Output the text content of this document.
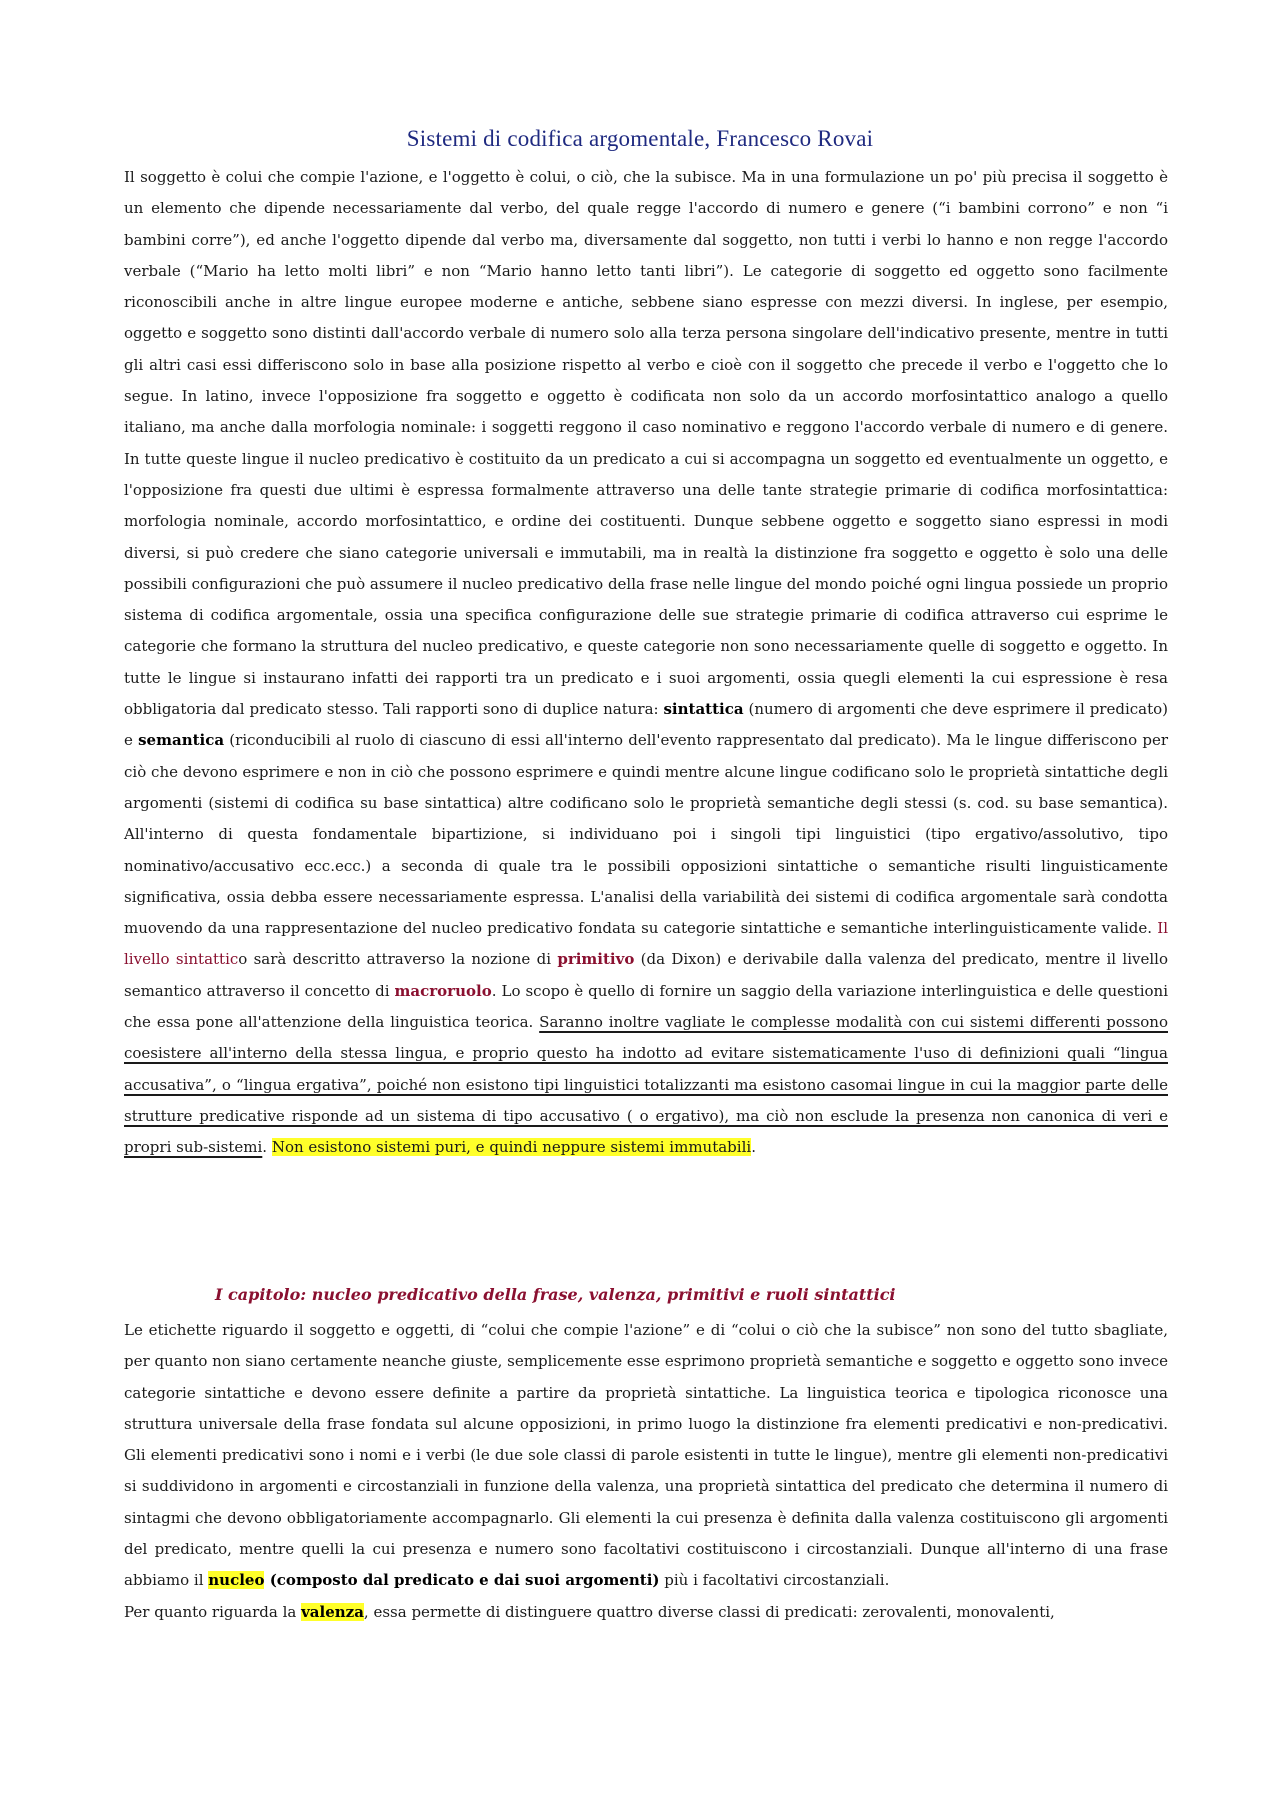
Sistemi di codifica argomentale, Francesco Rovai
Il soggetto è colui che compie l'azione, e l'oggetto è colui, o ciò, che la subisce. Ma in una formulazione un po' più precisa il soggetto è un elemento che dipende necessariamente dal verbo, del quale regge l'accordo di numero e genere (“i bambini corrono” e non “i bambini corre”), ed anche l'oggetto dipende dal verbo ma, diversamente dal soggetto, non tutti i verbi lo hanno e non regge l'accordo verbale (“Mario ha letto molti libri” e non “Mario hanno letto tanti libri”). Le categorie di soggetto ed oggetto sono facilmente riconoscibili anche in altre lingue europee moderne e antiche, sebbene siano espresse con mezzi diversi. In inglese, per esempio, oggetto e soggetto sono distinti dall'accordo verbale di numero solo alla terza persona singolare dell'indicativo presente, mentre in tutti gli altri casi essi differiscono solo in base alla posizione rispetto al verbo e cioè con il soggetto che precede il verbo e l'oggetto che lo segue. In latino, invece l'opposizione fra soggetto e oggetto è codificata non solo da un accordo morfosintattico analogo a quello italiano, ma anche dalla morfologia nominale: i soggetti reggono il caso nominativo e reggono l'accordo verbale di numero e di genere. In tutte queste lingue il nucleo predicativo è costituito da un predicato a cui si accompagna un soggetto ed eventualmente un oggetto, e l'opposizione fra questi due ultimi è espressa formalmente attraverso una delle tante strategie primarie di codifica morfosintattica: morfologia nominale, accordo morfosintattico, e ordine dei costituenti. Dunque sebbene oggetto e soggetto siano espressi in modi diversi, si può credere che siano categorie universali e immutabili, ma in realtà la distinzione fra soggetto e oggetto è solo una delle possibili configurazioni che può assumere il nucleo predicativo della frase nelle lingue del mondo poiché ogni lingua possiede un proprio sistema di codifica argomentale, ossia una specifica configurazione delle sue strategie primarie di codifica attraverso cui esprime le categorie che formano la struttura del nucleo predicativo, e queste categorie non sono necessariamente quelle di soggetto e oggetto. In tutte le lingue si instaurano infatti dei rapporti tra un predicato e i suoi argomenti, ossia quegli elementi la cui espressione è resa obbligatoria dal predicato stesso. Tali rapporti sono di duplice natura: sintattica (numero di argomenti che deve esprimere il predicato) e semantica (riconducibili al ruolo di ciascuno di essi all'interno dell'evento rappresentato dal predicato). Ma le lingue differiscono per ciò che devono esprimere e non in ciò che possono esprimere e quindi mentre alcune lingue codificano solo le proprietà sintattiche degli argomenti (sistemi di codifica su base sintattica) altre codificano solo le proprietà semantiche degli stessi (s. cod. su base semantica). All'interno di questa fondamentale bipartizione, si individuano poi i singoli tipi linguistici (tipo ergativo/assolutivo, tipo nominativo/accusativo ecc.ecc.) a seconda di quale tra le possibili opposizioni sintattiche o semantiche risulti linguisticamente significativa, ossia debba essere necessariamente espressa. L'analisi della variabilità dei sistemi di codifica argomentale sarà condotta muovendo da una rappresentazione del nucleo predicativo fondata su categorie sintattiche e semantiche interlinguisticamente valide. Il livello sintattico sarà descritto attraverso la nozione di primitivo (da Dixon) e derivabile dalla valenza del predicato, mentre il livello semantico attraverso il concetto di macroruolo. Lo scopo è quello di fornire un saggio della variazione interlinguistica e delle questioni che essa pone all'attenzione della linguistica teorica. Saranno inoltre vagliate le complesse modalità con cui sistemi differenti possono coesistere all'interno della stessa lingua, e proprio questo ha indotto ad evitare sistematicamente l'uso di definizioni quali “lingua accusativa”, o “lingua ergativa”, poiché non esistono tipi linguistici totalizzanti ma esistono casomai lingue in cui la maggior parte delle strutture predicative risponde ad un sistema di tipo accusativo ( o ergativo), ma ciò non esclude la presenza non canonica di veri e propri sub-sistemi. Non esistono sistemi puri, e quindi neppure sistemi immutabili.
I capitolo: nucleo predicativo della frase, valenza, primitivi e ruoli sintattici
Le etichette riguardo il soggetto e oggetti, di “colui che compie l'azione” e di “colui o ciò che la subisce” non sono del tutto sbagliate, per quanto non siano certamente neanche giuste, semplicemente esse esprimono proprietà semantiche e soggetto e oggetto sono invece categorie sintattiche e devono essere definite a partire da proprietà sintattiche. La linguistica teorica e tipologica riconosce una struttura universale della frase fondata sul alcune opposizioni, in primo luogo la distinzione fra elementi predicativi e non-predicativi. Gli elementi predicativi sono i nomi e i verbi (le due sole classi di parole esistenti in tutte le lingue), mentre gli elementi non-predicativi si suddividono in argomenti e circostanziali in funzione della valenza, una proprietà sintattica del predicato che determina il numero di sintagmi che devono obbligatoriamente accompagnarlo. Gli elementi la cui presenza è definita dalla valenza costituiscono gli argomenti del predicato, mentre quelli la cui presenza e numero sono facoltativi costituiscono i circostanziali. Dunque all'interno di una frase abbiamo il nucleo (composto dal predicato e dai suoi argomenti) più i facoltativi circostanziali.
Per quanto riguarda la valenza, essa permette di distinguere quattro diverse classi di predicati: zerovalenti, monovalenti,
